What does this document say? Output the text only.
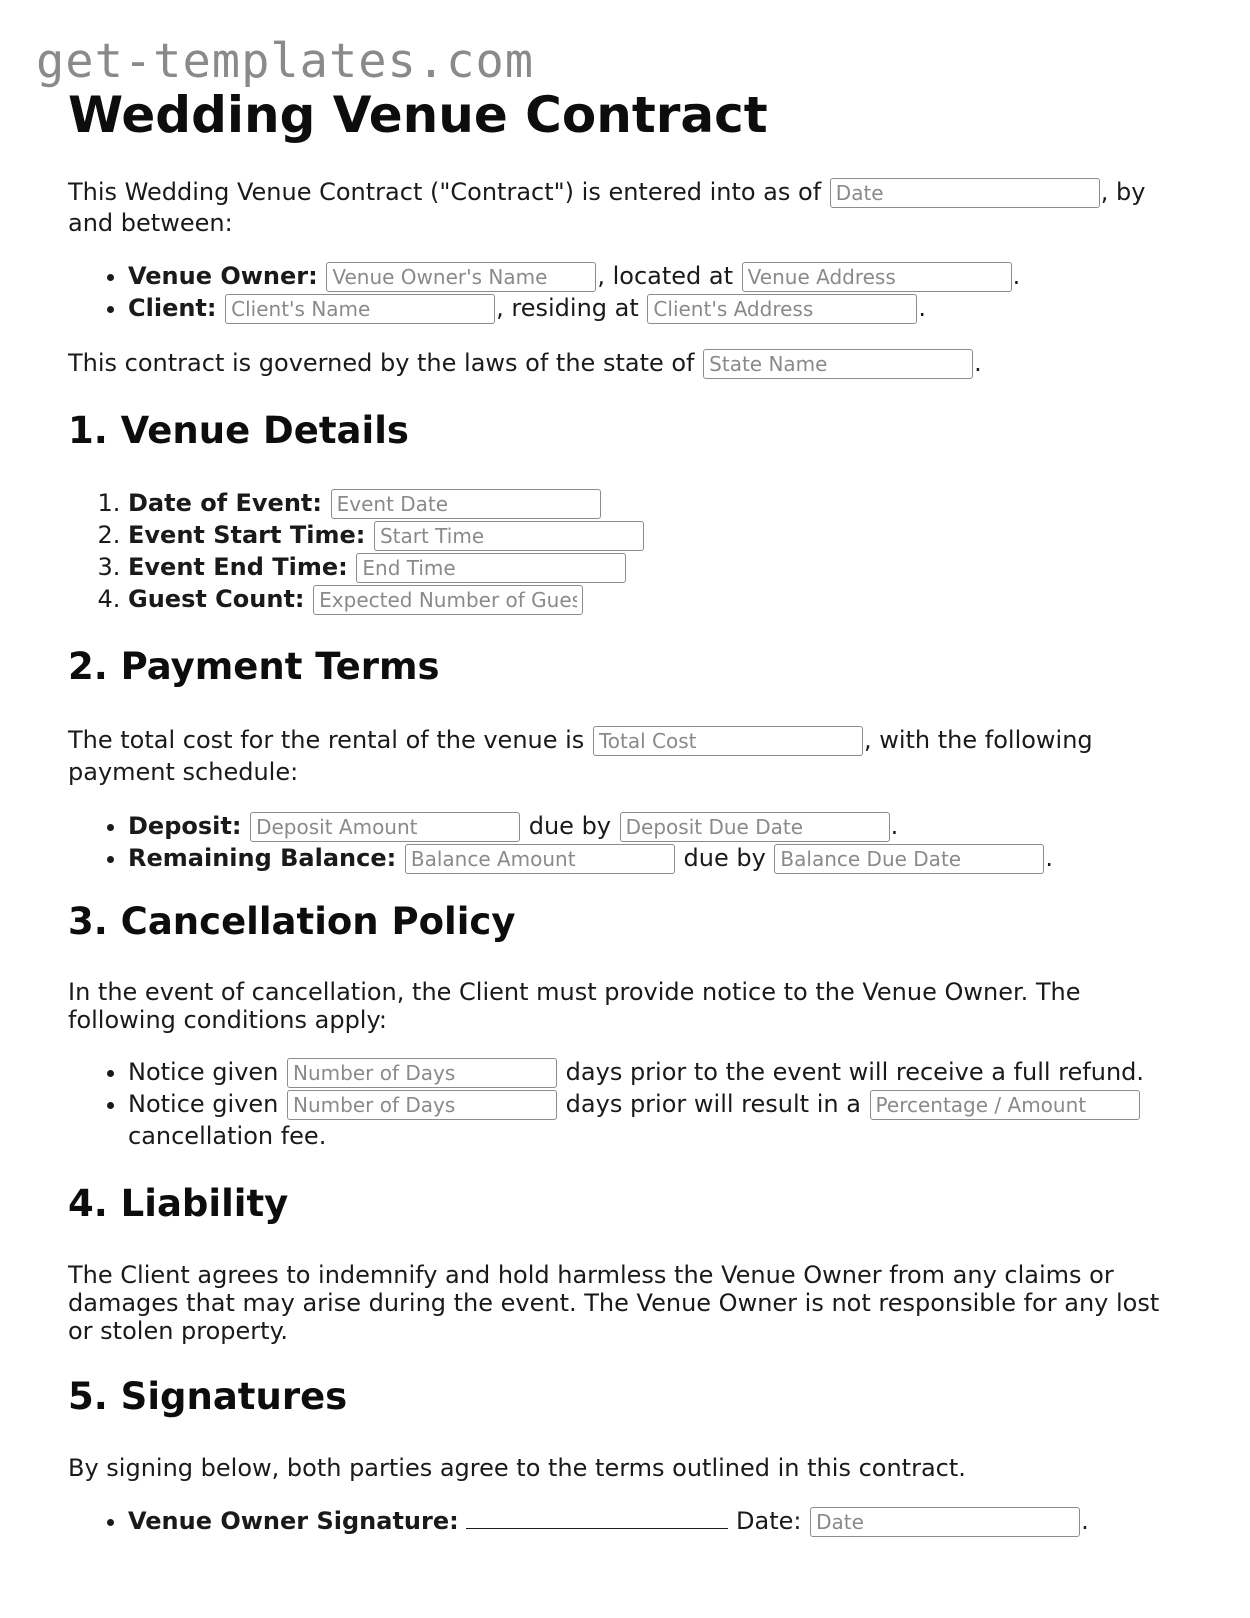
get-templates.com
Wedding Venue Contract

This Wedding Venue Contract ("Contract") is entered into as of Date	, by and between:

• Venue Owner: Venue Owner's Name	, located at Venue Address	.
• Client: Client's Name	, residing at Client's Address	.

This contract is governed by the laws of the state of State Name	.

1. Venue Details
1. Date of Event: Event Date
2. Event Start Time: Start Time
3. Event End Time: End Time
4. Guest Count: Expected Number of Guests
2. Payment Terms

The total cost for the rental of the venue is Total Cost	, with the following payment schedule:

• Deposit: Deposit Amount	due by Deposit Due Date	.
• Remaining Balance: Balance Amount	due by Balance Due Date	.
3. Cancellation Policy

In the event of cancellation, the Client must provide notice to the Venue Owner. The following conditions apply:

• Notice given Number of Days	days prior to the event will receive a full refund.
• Notice given Number of Days	days prior will result in a Percentage / Amount cancellation fee.
4. Liability

The Client agrees to indemnify and hold harmless the Venue Owner from any claims or damages that may arise during the event. The Venue Owner is not responsible for any lost or stolen property.

5. Signatures

By signing below, both parties agree to the terms outlined in this contract.

• Venue Owner Signature:	Date: Date	.
